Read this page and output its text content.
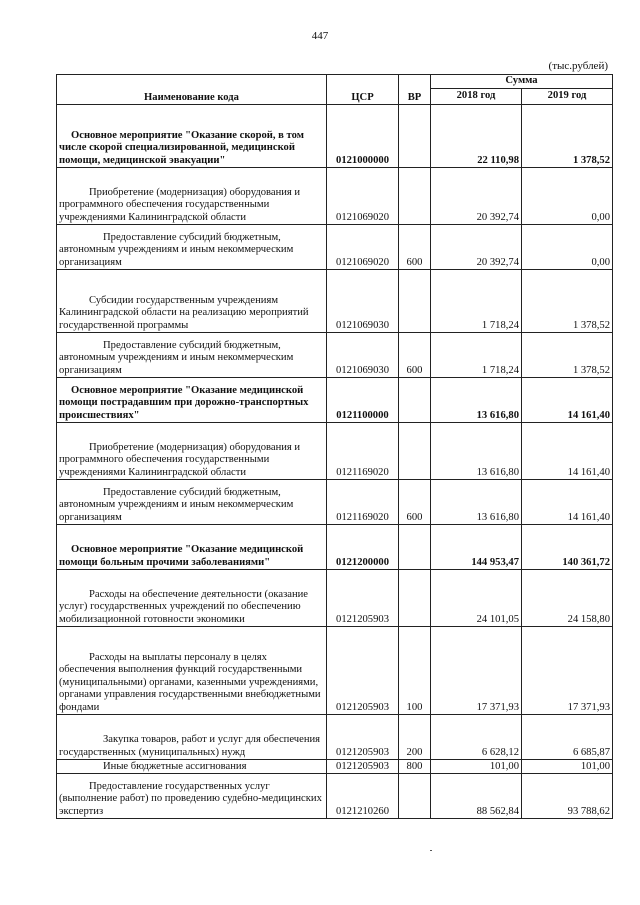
447
(тыс.рублей)
Наименование кода	ЦСР	ВР	Сумма	
			2018 год	2019 год
Основное мероприятие "Оказание скорой, в том числе скорой специализированной, медицинской помощи, медицинской эвакуации"	0121000000		22 110,98	1 378,52
Приобретение (модернизация) оборудования и программного обеспечения государственными учреждениями Калининградской области	0121069020		20 392,74	0,00
Предоставление субсидий бюджетным, автономным учреждениям и иным некоммерческим организациям	0121069020	600	20 392,74	0,00
Субсидии государственным учреждениям Калининградской области на реализацию мероприятий государственной программы	0121069030		1 718,24	1 378,52
Предоставление субсидий бюджетным, автономным учреждениям и иным некоммерческим организациям	0121069030	600	1 718,24	1 378,52
Основное мероприятие "Оказание медицинской помощи пострадавшим при дорожно-транспортных происшествиях"	0121100000		13 616,80	14 161,40
Приобретение (модернизация) оборудования и программного обеспечения государственными учреждениями Калининградской области	0121169020		13 616,80	14 161,40
Предоставление субсидий бюджетным, автономным учреждениям и иным некоммерческим организациям	0121169020	600	13 616,80	14 161,40
Основное мероприятие "Оказание медицинской помощи больным прочими заболеваниями"	0121200000		144 953,47	140 361,72
Расходы на обеспечение деятельности (оказание услуг) государственных учреждений по обеспечению мобилизационной готовности экономики	0121205903		24 101,05	24 158,80
Расходы на выплаты персоналу в целях обеспечения выполнения функций государственными (муниципальными) органами, казенными учреждениями, органами управления государственными внебюджетными фондами	0121205903	100	17 371,93	17 371,93
Закупка товаров, работ и услуг для обеспечения государственных (муниципальных) нужд	0121205903	200	6 628,12	6 685,87
Иные бюджетные ассигнования	0121205903	800	101,00	101,00
Предоставление государственных услуг (выполнение работ) по проведению судебно-медицинских экспертиз	0121210260		88 562,84	93 788,62
